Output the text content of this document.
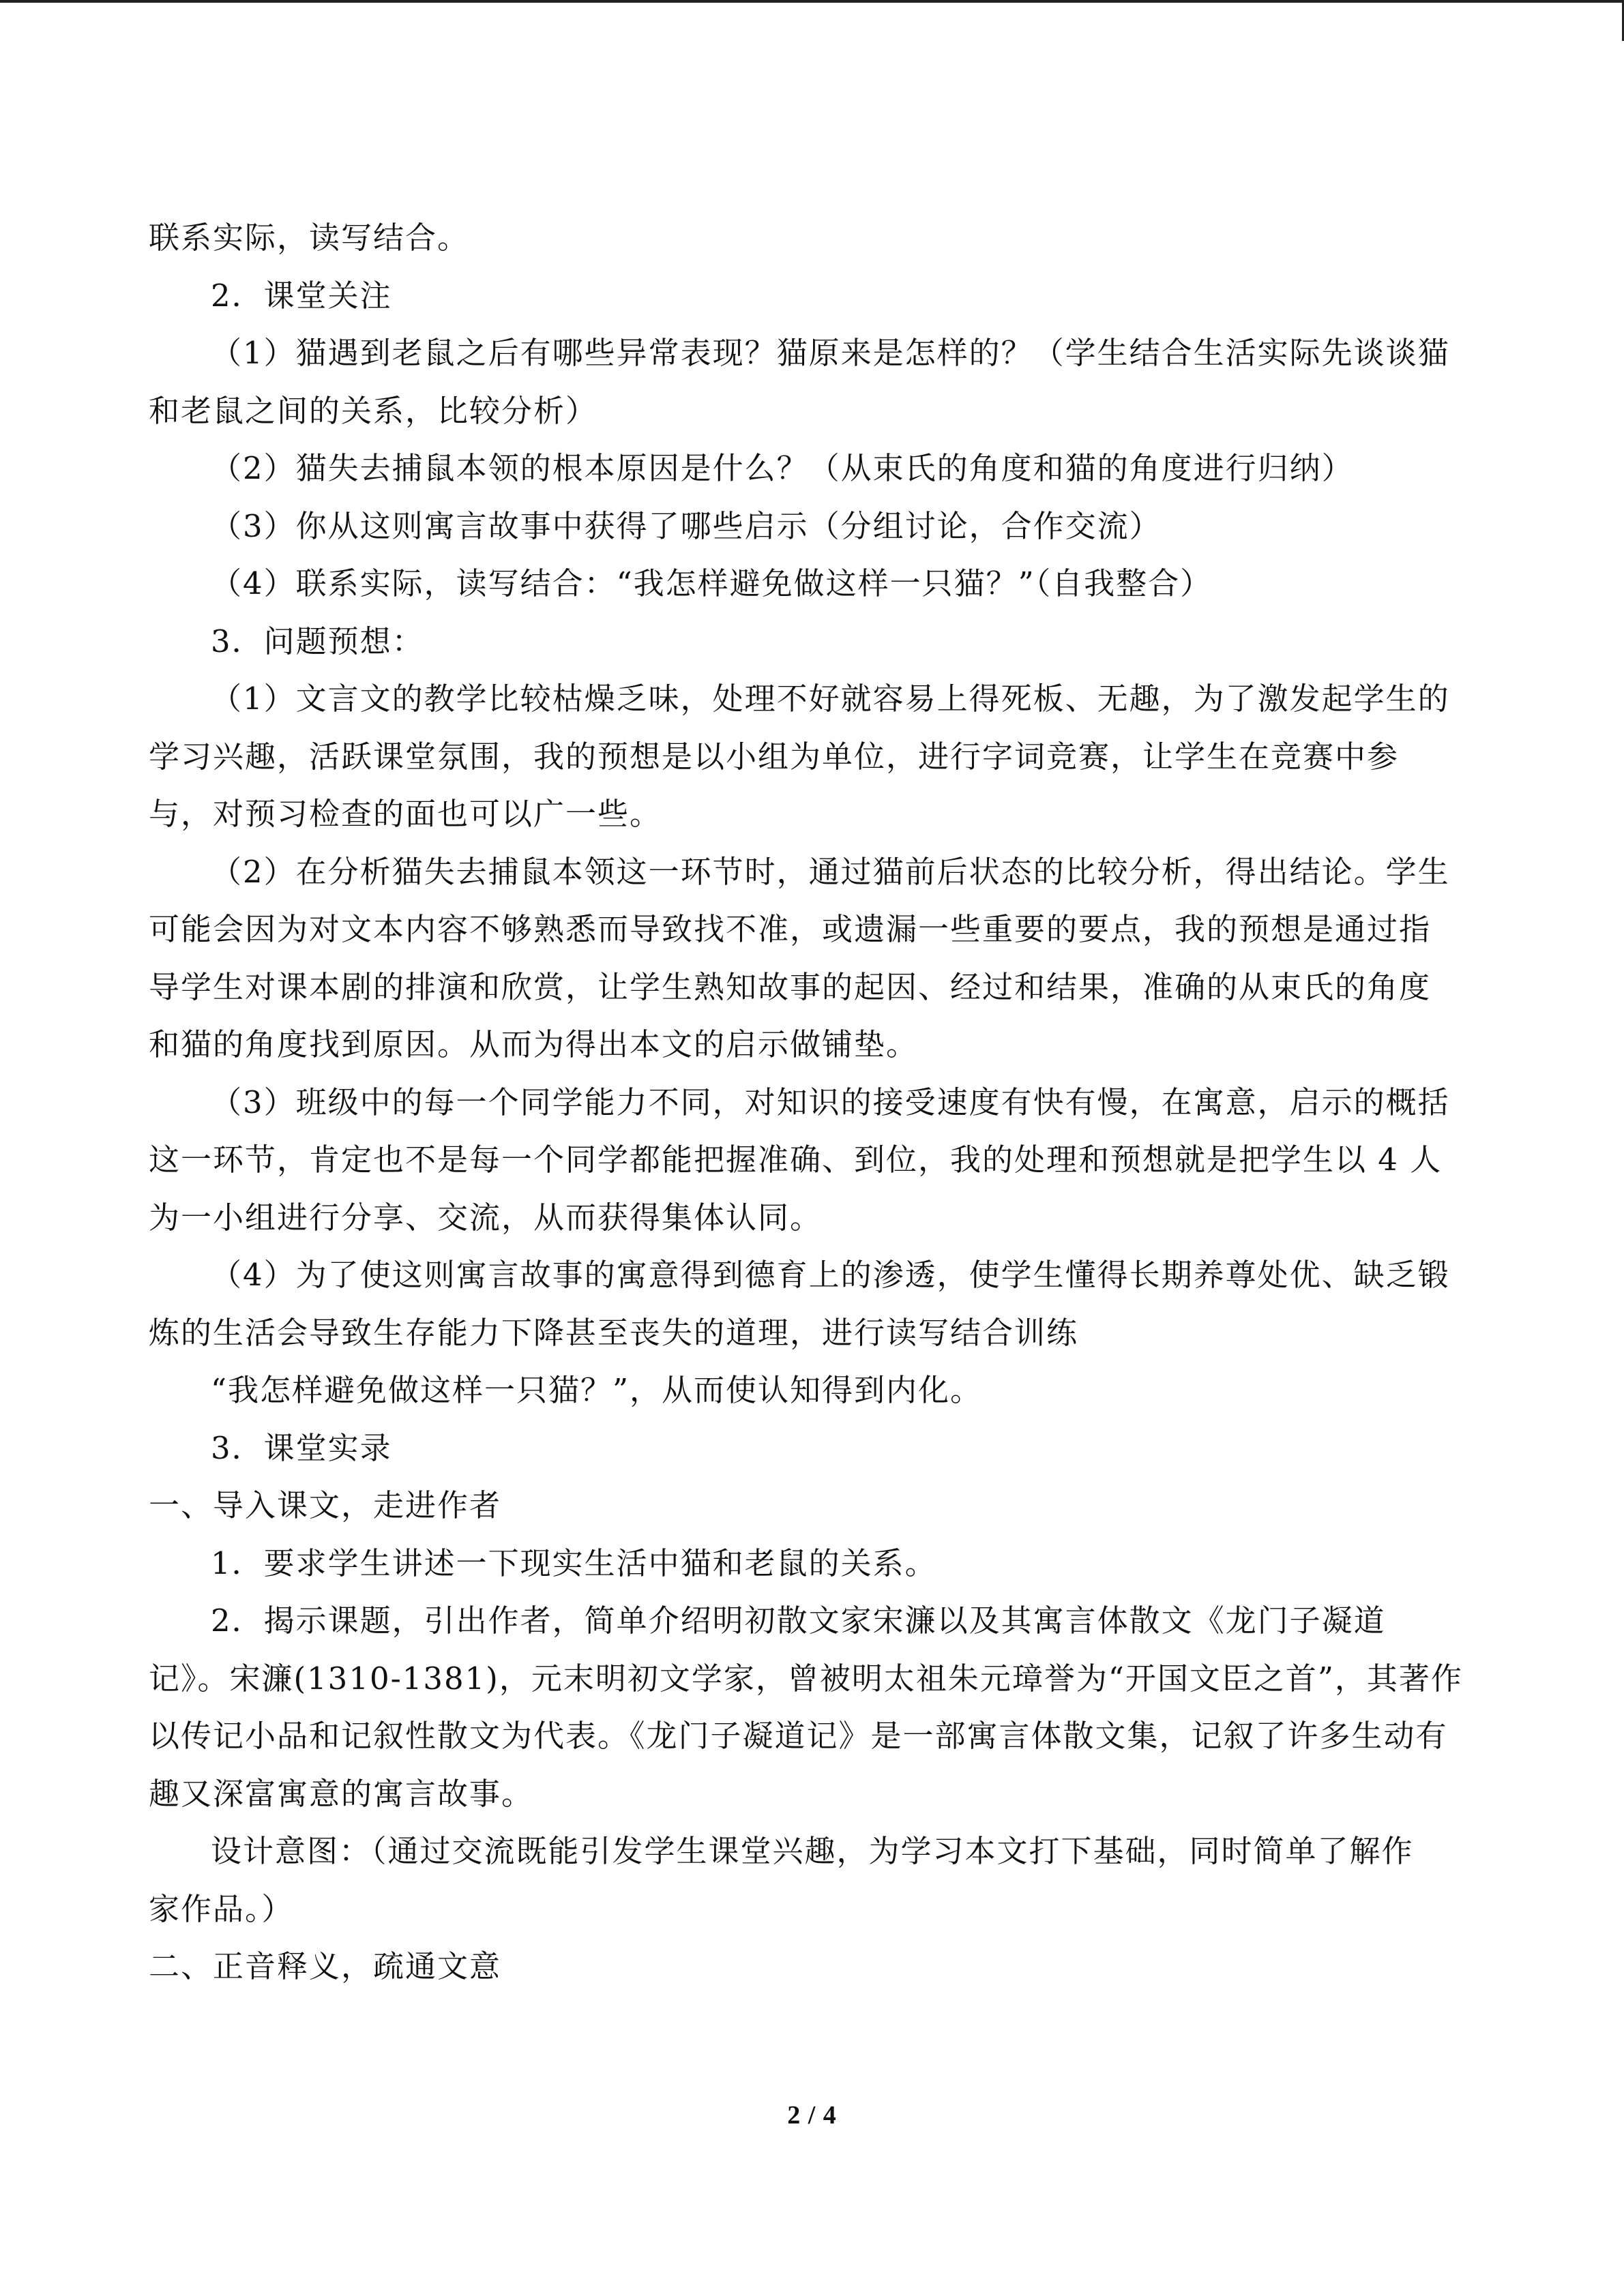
联系实际，读写结合。
2．课堂关注
（1）猫遇到老鼠之后有哪些异常表现？猫原来是怎样的？（学生结合生活实际先谈谈猫
和老鼠之间的关系，比较分析）
（2）猫失去捕鼠本领的根本原因是什么？（从束氏的角度和猫的角度进行归纳）
（3）你从这则寓言故事中获得了哪些启示（分组讨论，合作交流）
（4）联系实际，读写结合：“我怎样避免做这样一只猫？”（自我整合）
3．问题预想：
（1）文言文的教学比较枯燥乏味，处理不好就容易上得死板、无趣，为了激发起学生的
学习兴趣，活跃课堂氛围，我的预想是以小组为单位，进行字词竞赛，让学生在竞赛中参
与，对预习检查的面也可以广一些。
（2）在分析猫失去捕鼠本领这一环节时，通过猫前后状态的比较分析，得出结论。学生
可能会因为对文本内容不够熟悉而导致找不准，或遗漏一些重要的要点，我的预想是通过指
导学生对课本剧的排演和欣赏，让学生熟知故事的起因、经过和结果，准确的从束氏的角度
和猫的角度找到原因。从而为得出本文的启示做铺垫。
（3）班级中的每一个同学能力不同，对知识的接受速度有快有慢，在寓意，启示的概括
这一环节，肯定也不是每一个同学都能把握准确、到位，我的处理和预想就是把学生以 4 人
为一小组进行分享、交流，从而获得集体认同。
（4）为了使这则寓言故事的寓意得到德育上的渗透，使学生懂得长期养尊处优、缺乏锻
炼的生活会导致生存能力下降甚至丧失的道理，进行读写结合训练
“我怎样避免做这样一只猫？”，从而使认知得到内化。
3．课堂实录
一、导入课文，走进作者
1．要求学生讲述一下现实生活中猫和老鼠的关系。
2．揭示课题，引出作者，简单介绍明初散文家宋濂以及其寓言体散文《龙门子凝道
记》。宋濂(1310-1381)，元末明初文学家，曾被明太祖朱元璋誉为“开国文臣之首”，其著作
以传记小品和记叙性散文为代表。《龙门子凝道记》是一部寓言体散文集，记叙了许多生动有
趣又深富寓意的寓言故事。
设计意图：（通过交流既能引发学生课堂兴趣，为学习本文打下基础，同时简单了解作
家作品。）
二、正音释义，疏通文意
2 / 4
